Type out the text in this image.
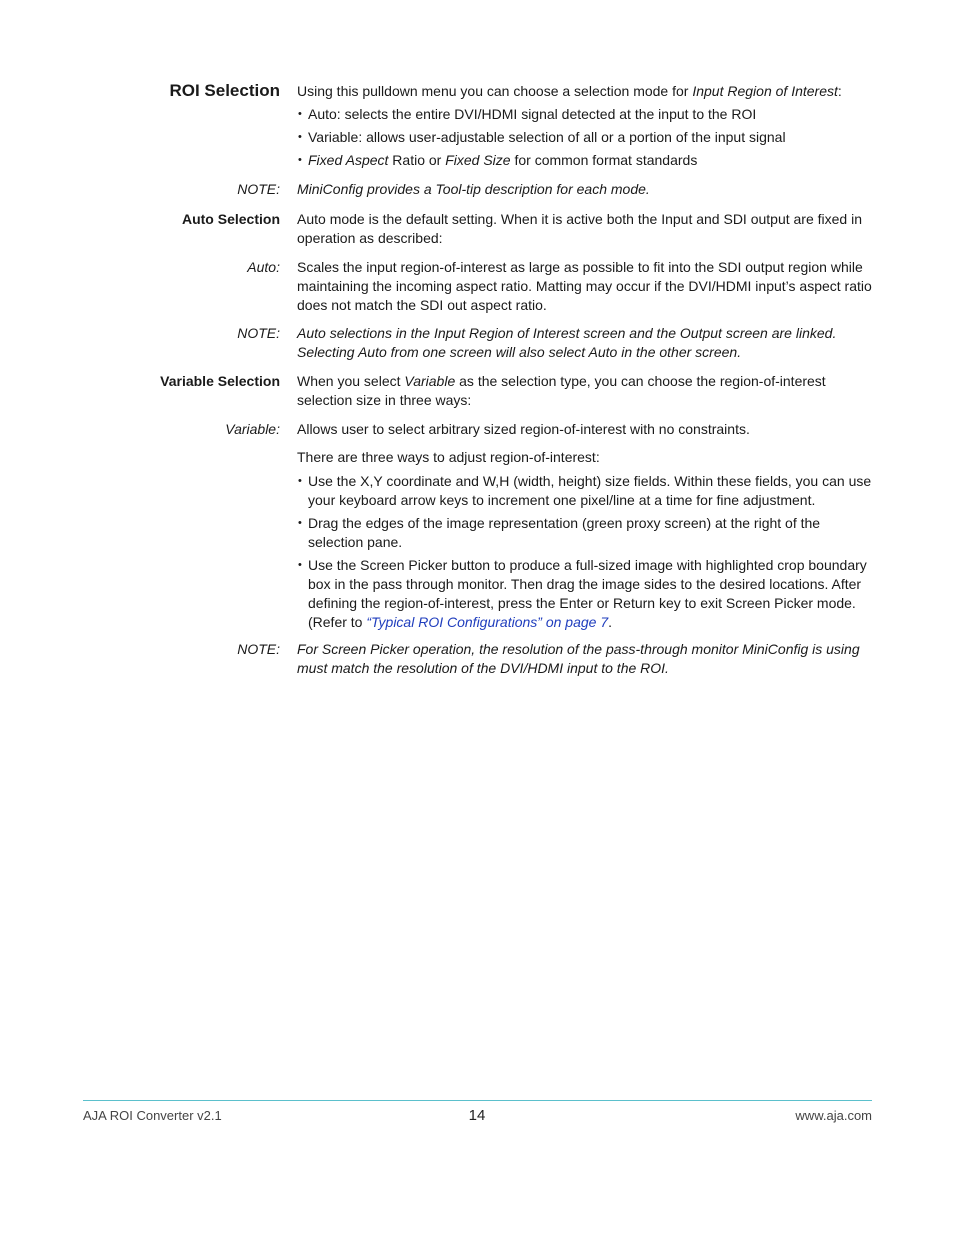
ROI Selection Using this pulldown menu you can choose a selection mode for Input Region of Interest:
• Auto: selects the entire DVI/HDMI signal detected at the input to the ROI
• Variable: allows user-adjustable selection of all or a portion of the input signal
• Fixed Aspect Ratio or Fixed Size for common format standards
NOTE: MiniConfig provides a Tool-tip description for each mode.
Auto Selection Auto mode is the default setting. When it is active both the Input and SDI output are fixed in operation as described:
Auto: Scales the input region-of-interest as large as possible to fit into the SDI output region while maintaining the incoming aspect ratio. Matting may occur if the DVI/HDMI input’s aspect ratio does not match the SDI out aspect ratio.
NOTE: Auto selections in the Input Region of Interest screen and the Output screen are linked. Selecting Auto from one screen will also select Auto in the other screen.
Variable Selection When you select Variable as the selection type, you can choose the region-of-interest selection size in three ways:
Variable: Allows user to select arbitrary sized region-of-interest with no constraints.
There are three ways to adjust region-of-interest:
• Use the X,Y coordinate and W,H (width, height) size fields. Within these fields, you can use your keyboard arrow keys to increment one pixel/line at a time for fine adjustment.
• Drag the edges of the image representation (green proxy screen) at the right of the selection pane.
• Use the Screen Picker button to produce a full-sized image with highlighted crop boundary box in the pass through monitor. Then drag the image sides to the desired locations. After defining the region-of-interest, press the Enter or Return key to exit Screen Picker mode. (Refer to “Typical ROI Configurations” on page 7.
NOTE: For Screen Picker operation, the resolution of the pass-through monitor MiniConfig is using must match the resolution of the DVI/HDMI input to the ROI.
AJA ROI Converter v2.1	14	www.aja.com
